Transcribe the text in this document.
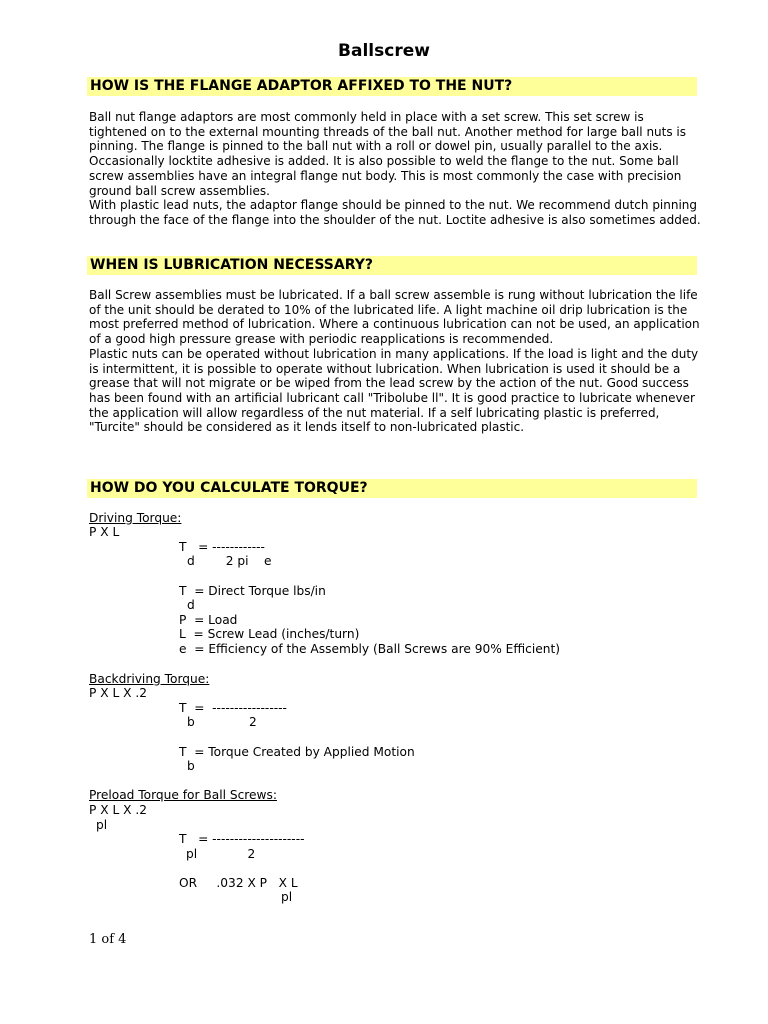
Ballscrew
HOW IS THE FLANGE ADAPTOR AFFIXED TO THE NUT?

Ball nut flange adaptors are most commonly held in place with a set screw. This set screw is tightened on to the external mounting threads of the ball nut. Another method for large ball nuts is pinning. The flange is pinned to the ball nut with a roll or dowel pin, usually parallel to the axis. Occasionally locktite adhesive is added. It is also possible to weld the flange to the nut. Some ball screw assemblies have an integral flange nut body. This is most commonly the case with precision ground ball screw assemblies.

With plastic lead nuts, the adaptor flange should be pinned to the nut. We recommend dutch pinning through the face of the flange into the shoulder of the nut. Loctite adhesive is also sometimes added.

WHEN IS LUBRICATION NECESSARY?

Ball Screw assemblies must be lubricated. If a ball screw assemble is rung without lubrication the life of the unit should be derated to 10% of the lubricated life. A light machine oil drip lubrication is the most preferred method of lubrication. Where a continuous lubrication can not be used, an application of a good high pressure grease with periodic reapplications is recommended.

Plastic nuts can be operated without lubrication in many applications. If the load is light and the duty is intermittent, it is possible to operate without lubrication. When lubrication is used it should be a grease that will not migrate or be wiped from the lead screw by the action of the nut. Good success has been found with an artificial lubricant call "Tribolube ll". It is good practice to lubricate whenever the application will allow regardless of the nut material. If a self lubricating plastic is preferred, "Turcite" should be considered as it lends itself to non-lubricated plastic.

HOW DO YOU CALCULATE TORQUE?
Driving Torque:
P X L
T   = ------------
d        2 pi    e
T  = Direct Torque lbs/in
d
P  = Load
L  = Screw Lead (inches/turn)
e  = Efficiency of the Assembly (Ball Screws are 90% Efficient)
Backdriving Torque:
P X L X .2
T  =  -----------------
b              2
T  = Torque Created by Applied Motion
b
Preload Torque for Ball Screws:
P X L X .2
pl
T   = ---------------------
pl             2
OR     .032 X P   X L
pl
1 of 4
